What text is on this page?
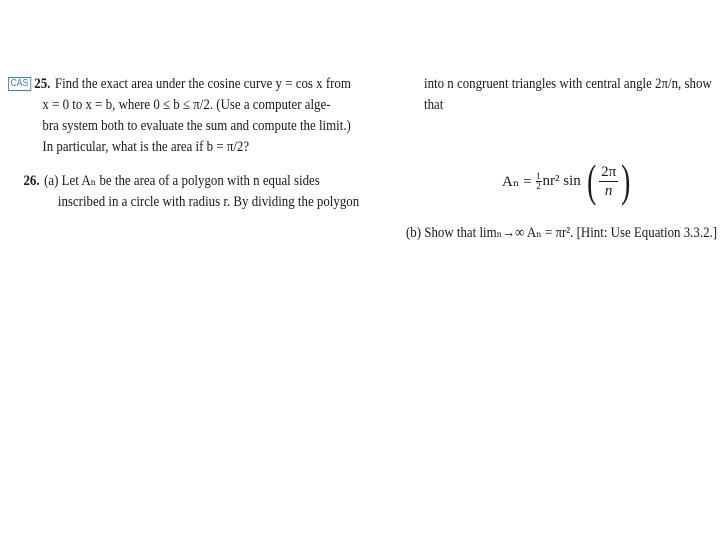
CAS 25. Find the exact area under the cosine curve y = cos x from
x = 0 to x = b, where 0 ≤ b ≤ π/2. (Use a computer alge-
bra system both to evaluate the sum and compute the limit.)
In particular, what is the area if b = π/2?
26. (a) Let Aₙ be the area of a polygon with n equal sides
inscribed in a circle with radius r. By dividing the polygon
into n congruent triangles with central angle 2π/n, show
that
$A_n = \frac{1}{2} nr^2$ sin ( $\frac{2\pi}{n}$ )
(b) Show that limₙ→∞ Aₙ = πr². [Hint: Use Equation 3.3.2.]
